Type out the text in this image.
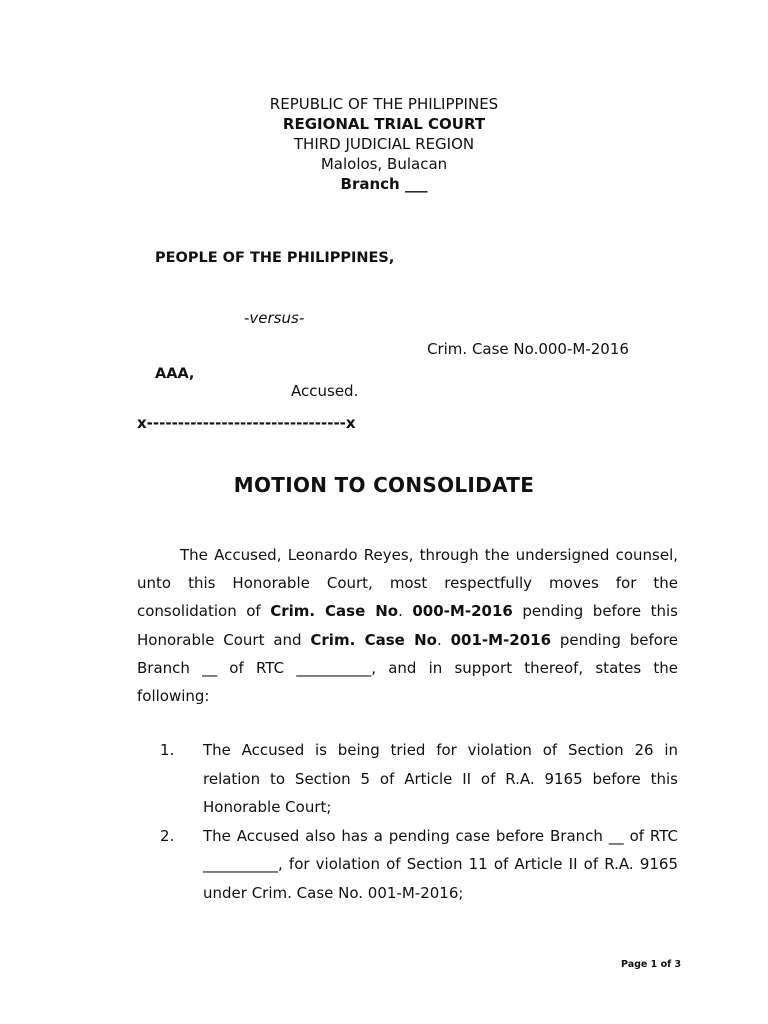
REPUBLIC OF THE PHILIPPINES
REGIONAL TRIAL COURT
THIRD JUDICIAL REGION
Malolos, Bulacan
Branch ___
PEOPLE OF THE PHILIPPINES,
-versus-
Crim. Case No.000-M-2016
AAA,
Accused.
x--------------------------------x
MOTION TO CONSOLIDATE
The Accused, Leonardo Reyes, through the undersigned counsel, unto this Honorable Court, most respectfully moves for the consolidation of Crim. Case No. 000-M-2016 pending before this Honorable Court and Crim. Case No. 001-M-2016 pending before Branch __ of RTC __________, and in support thereof, states the following:
1. The Accused is being tried for violation of Section 26 in relation to Section 5 of Article II of R.A. 9165 before this Honorable Court;
2. The Accused also has a pending case before Branch __ of RTC __________, for violation of Section 11 of Article II of R.A. 9165 under Crim. Case No. 001-M-2016;
Page 1 of 3
